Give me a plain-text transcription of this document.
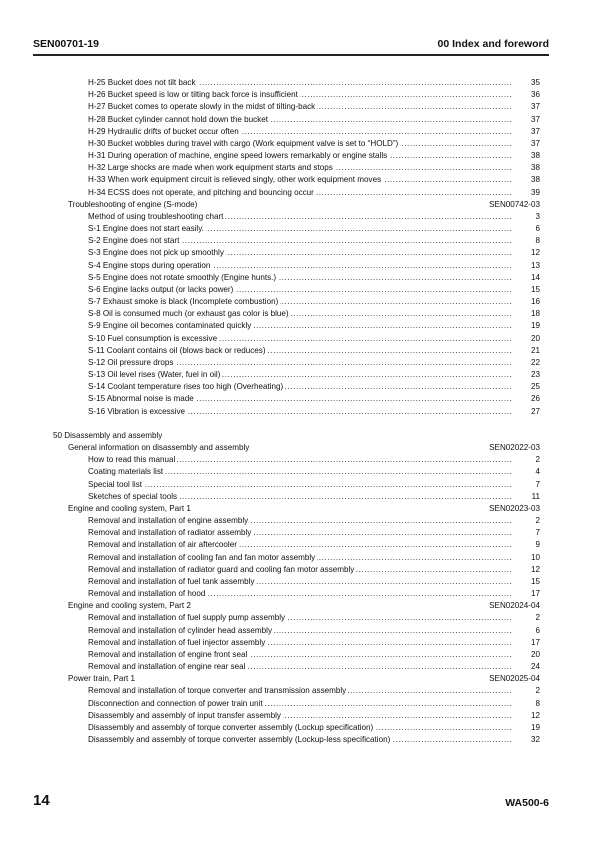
SEN00701-19	00 Index and foreword
.....
H-25 Bucket does not tilt back	35
.....
H-26 Bucket speed is low or tilting back force is insufficient	36
.....
H-27 Bucket comes to operate slowly in the midst of tilting-back	37
.....
H-28 Bucket cylinder cannot hold down the bucket	37
.....
H-29 Hydraulic drifts of bucket occur often	37
.....
H-30 Bucket wobbles during travel with cargo (Work equipment valve is set to “HOLD”)	37
.....
H-31 During operation of machine, engine speed lowers remarkably or engine stalls	38
.....
H-32 Large shocks are made when work equipment starts and stops	38
.....
H-33 When work equipment circuit is relieved singly, other work equipment moves	38
.....
H-34 ECSS does not operate, and pitching and bouncing occur	39
Troubleshooting of engine (S-mode)	SEN00742-03
.....
Method of using troubleshooting chart	3
.....
S-1 Engine does not start easily.	6
.....
S-2 Engine does not start	8
.....
S-3 Engine does not pick up smoothly	12
.....
S-4 Engine stops during operation	13
.....
S-5 Engine does not rotate smoothly (Engine hunts.)	14
.....
S-6 Engine lacks output (or lacks power)	15
.....
S-7 Exhaust smoke is black (Incomplete combustion)	16
.....
S-8 Oil is consumed much (or exhaust gas color is blue)	18
.....
S-9 Engine oil becomes contaminated quickly	19
.....
S-10 Fuel consumption is excessive	20
.....
S-11 Coolant contains oil (blows back or reduces)	21
.....
S-12 Oil pressure drops	22
.....
S-13 Oil level rises (Water, fuel in oil)	23
.....
S-14 Coolant temperature rises too high (Overheating)	25
.....
S-15 Abnormal noise is made	26
.....
S-16 Vibration is excessive	27
50 Disassembly and assembly
General information on disassembly and assembly	SEN02022-03
.....
How to read this manual	2
.....
Coating materials list	4
.....
Special tool list	7
.....
Sketches of special tools	11
Engine and cooling system, Part 1	SEN02023-03
.....
Removal and installation of engine assembly	2
.....
Removal and installation of radiator assembly	7
.....
Removal and installation of air aftercooler	9
.....
Removal and installation of cooling fan and fan motor assembly	10
.....
Removal and installation of radiator guard and cooling fan motor assembly	12
.....
Removal and installation of fuel tank assembly	15
.....
Removal and installation of hood	17
Engine and cooling system, Part 2	SEN02024-04
.....
Removal and installation of fuel supply pump assembly	2
.....
Removal and installation of cylinder head assembly	6
.....
Removal and installation of fuel injector assembly	17
.....
Removal and installation of engine front seal	20
.....
Removal and installation of engine rear seal	24
Power train, Part 1	SEN02025-04
.....
Removal and installation of torque converter and transmission assembly	2
.....
Disconnection and connection of power train unit	8
.....
Disassembly and assembly of input transfer assembly	12
.....
Disassembly and assembly of torque converter assembly (Lockup specification)	19
.....
Disassembly and assembly of torque converter assembly (Lockup-less specification)	32
14	WA500-6
